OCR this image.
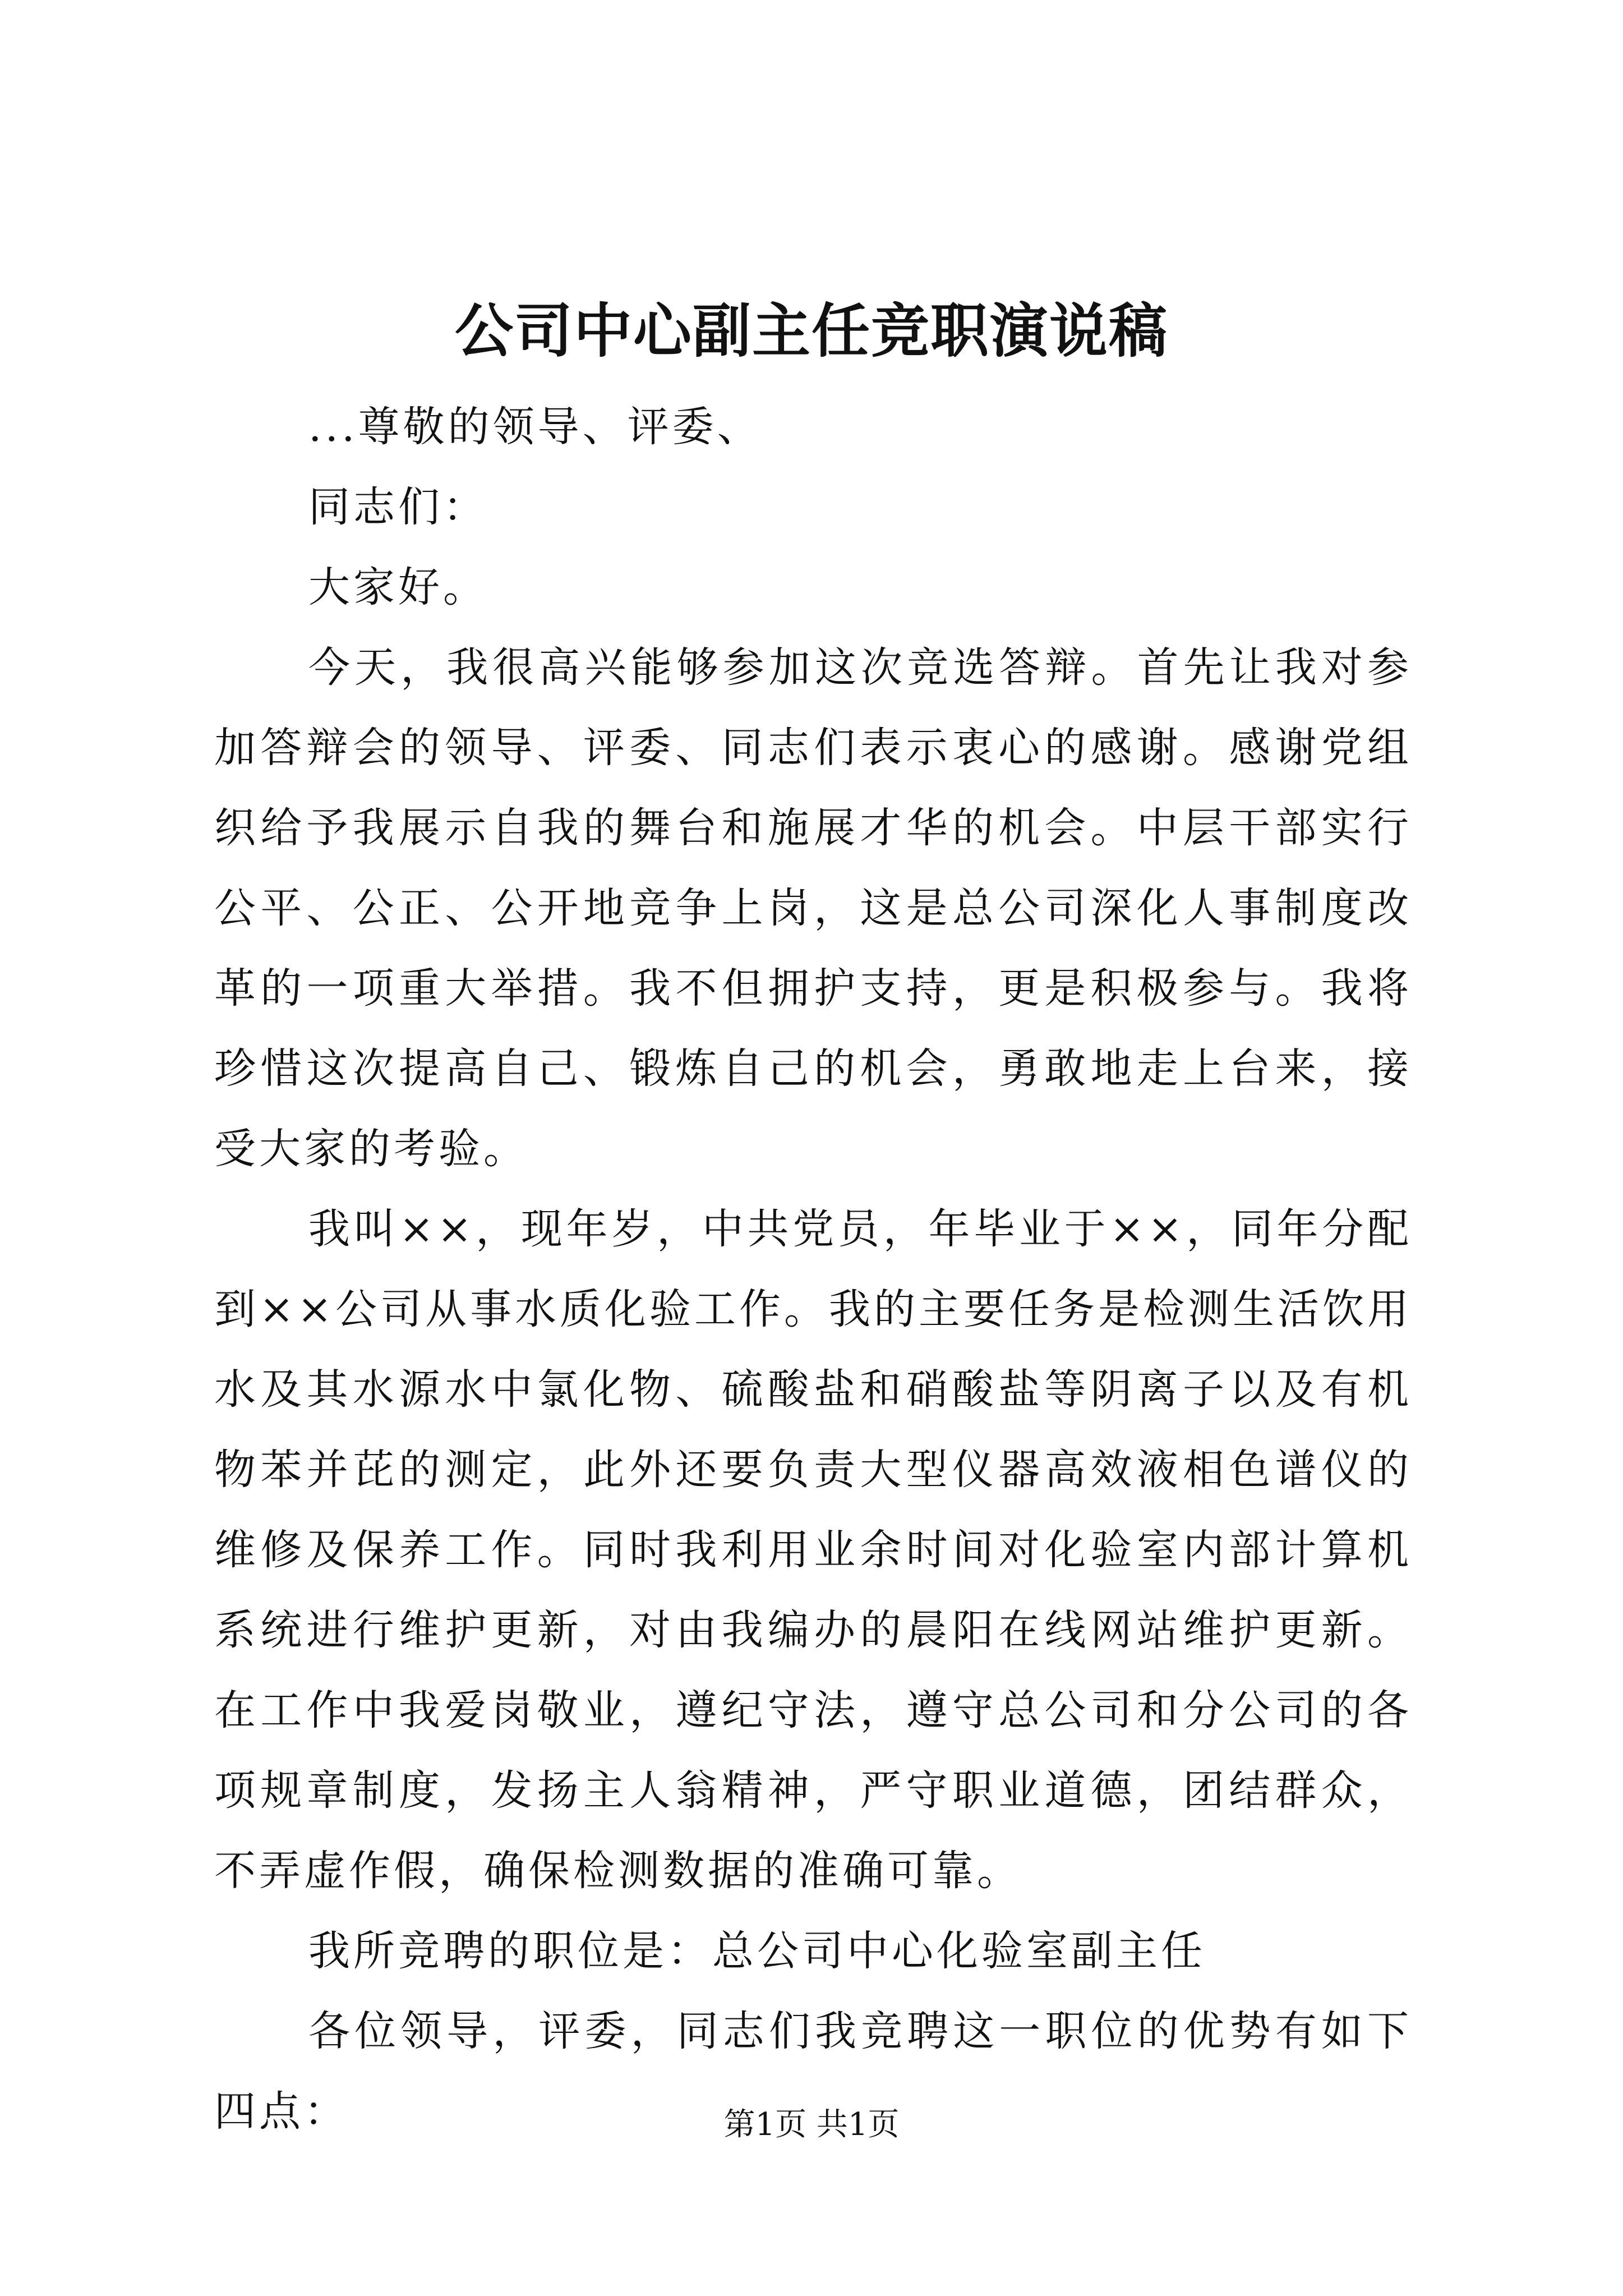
公司中心副主任竞职演说稿

...尊敬的领导、评委、

同志们：

大家好。

今天，我很高兴能够参加这次竞选答辩。首先让我对参加答辩会的领导、评委、同志们表示衷心的感谢。感谢党组织给予我展示自我的舞台和施展才华的机会。中层干部实行公平、公正、公开地竞争上岗，这是总公司深化人事制度改革的一项重大举措。我不但拥护支持，更是积极参与。我将珍惜这次提高自己、锻炼自己的机会，勇敢地走上台来，接受大家的考验。

我叫××，现年岁，中共党员，年毕业于××，同年分配到××公司从事水质化验工作。我的主要任务是检测生活饮用水及其水源水中氯化物、硫酸盐和硝酸盐等阴离子以及有机物苯并芘的测定，此外还要负责大型仪器高效液相色谱仪的维修及保养工作。同时我利用业余时间对化验室内部计算机系统进行维护更新，对由我编办的晨阳在线网站维护更新。在工作中我爱岗敬业，遵纪守法，遵守总公司和分公司的各项规章制度，发扬主人翁精神，严守职业道德，团结群众，不弄虚作假，确保检测数据的准确可靠。

我所竞聘的职位是：总公司中心化验室副主任

各位领导，评委，同志们我竞聘这一职位的优势有如下四点：	第1页 共1页
